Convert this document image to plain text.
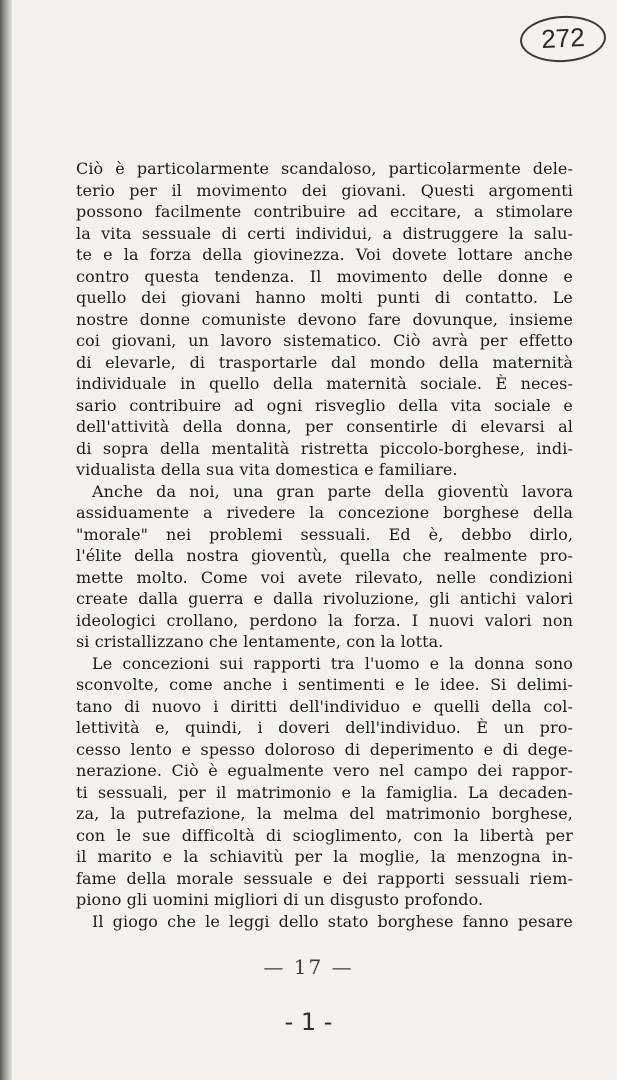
272
Ciò è particolarmente scandaloso, particolarmente dele-
terio per il movimento dei giovani. Questi argomenti
possono facilmente contribuire ad eccitare, a stimolare
la vita sessuale di certi individui, a distruggere la salu-
te e la forza della giovinezza. Voi dovete lottare anche
contro questa tendenza. Il movimento delle donne e
quello dei giovani hanno molti punti di contatto. Le
nostre donne comuniste devono fare dovunque, insieme
coi giovani, un lavoro sistematico. Ciò avrà per effetto
di elevarle, di trasportarle dal mondo della maternità
individuale in quello della maternità sociale. È neces-
sario contribuire ad ogni risveglio della vita sociale e
dell'attività della donna, per consentirle di elevarsi al
di sopra della mentalità ristretta piccolo-borghese, indi-
vidualista della sua vita domestica e familiare.
Anche da noi, una gran parte della gioventù lavora
assiduamente a rivedere la concezione borghese della
"morale" nei problemi sessuali. Ed è, debbo dirlo,
l'élite della nostra gioventù, quella che realmente pro-
mette molto. Come voi avete rilevato, nelle condizioni
create dalla guerra e dalla rivoluzione, gli antichi valori
ideologici crollano, perdono la forza. I nuovi valori non
si cristallizzano che lentamente, con la lotta.
Le concezioni sui rapporti tra l'uomo e la donna sono
sconvolte, come anche i sentimenti e le idee. Si delimi-
tano di nuovo i diritti dell'individuo e quelli della col-
lettività e, quindi, i doveri dell'individuo. È un pro-
cesso lento e spesso doloroso di deperimento e di dege-
nerazione. Ciò è egualmente vero nel campo dei rappor-
ti sessuali, per il matrimonio e la famiglia. La decaden-
za, la putrefazione, la melma del matrimonio borghese,
con le sue difficoltà di scioglimento, con la libertà per
il marito e la schiavitù per la moglie, la menzogna in-
fame della morale sessuale e dei rapporti sessuali riem-
piono gli uomini migliori di un disgusto profondo.
Il giogo che le leggi dello stato borghese fanno pesare
— 17 —
- 1 -
